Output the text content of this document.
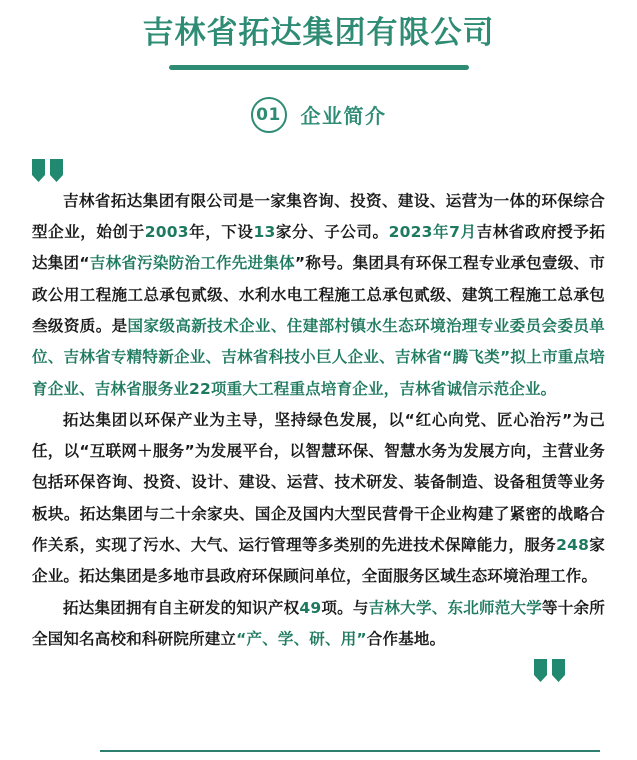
吉林省拓达集团有限公司
01 企业简介

吉林省拓达集团有限公司是一家集咨询、投资、建设、运营为一体的环保综合型企业，始创于2003年，下设13家分、子公司。2023年7月吉林省政府授予拓达集团“吉林省污染防治工作先进集体”称号。集团具有环保工程专业承包壹级、市政公用工程施工总承包贰级、水利水电工程施工总承包贰级、建筑工程施工总承包叁级资质。是国家级高新技术企业、住建部村镇水生态环境治理专业委员会委员单位、吉林省专精特新企业、吉林省科技小巨人企业、吉林省“腾飞类”拟上市重点培育企业、吉林省服务业22项重大工程重点培育企业，吉林省诚信示范企业。

拓达集团以环保产业为主导，坚持绿色发展，以“红心向党、匠心治污”为己任，以“互联网＋服务”为发展平台，以智慧环保、智慧水务为发展方向，主营业务包括环保咨询、投资、设计、建设、运营、技术研发、装备制造、设备租赁等业务板块。拓达集团与二十余家央、国企及国内大型民营骨干企业构建了紧密的战略合作关系，实现了污水、大气、运行管理等多类别的先进技术保障能力，服务248家企业。拓达集团是多地市县政府环保顾问单位，全面服务区域生态环境治理工作。

拓达集团拥有自主研发的知识产权49项。与吉林大学、东北师范大学等十余所全国知名高校和科研院所建立“产、学、研、用”合作基地。
